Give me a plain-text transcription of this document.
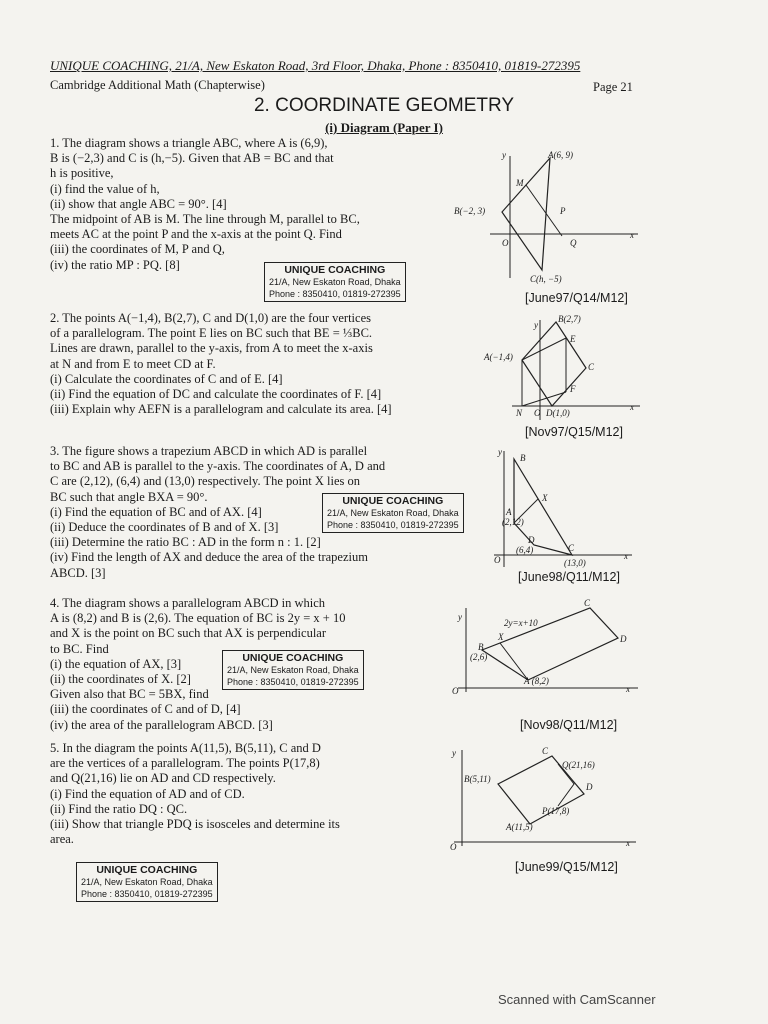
UNIQUE COACHING, 21/A, New Eskaton Road, 3rd Floor, Dhaka, Phone : 8350410, 01819-272395
Cambridge Additional Math (Chapterwise)	Page 21
2. COORDINATE GEOMETRY
(i) Diagram (Paper I)
1. The diagram shows a triangle ABC, where A is (6,9),
B is (−2,3) and C is (h,−5). Given that AB = BC and that
h is positive,
(i) find the value of h,
(ii) show that angle ABC = 90°. [4]
The midpoint of AB is M. The line through M, parallel to BC,
meets AC at the point P and the x-axis at the point Q. Find
(iii) the coordinates of M, P and Q,
(iv) the ratio MP : PQ. [8]	UNIQUE COACHING
21/A, New Eskaton Road, Dhaka
Phone : 8350410, 01819-272395
y	A(6, 9)
M
B(−2, 3)	P
O	Q
x
C(h, −5)
[June97/Q14/M12]
2. The points A(−1,4), B(2,7), C and D(1,0) are the four vertices
of a parallelogram. The point E lies on BC such that BE = ⅓BC.
Lines are drawn, parallel to the y-axis, from A to meet the x-axis
at N and from E to meet CD at F.
(i) Calculate the coordinates of C and of E. [4]
(ii) Find the equation of DC and calculate the coordinates of F. [4]
(iii) Explain why AEFN is a parallelogram and calculate its area. [4]
y
B(2,7)
E
A(−1,4)
C
F
N O D(1,0)
x
[Nov97/Q15/M12]
3. The figure shows a trapezium ABCD in which AD is parallel
to BC and AB is parallel to the y-axis. The coordinates of A, D and
C are (2,12), (6,4) and (13,0) respectively. The point X lies on
BC such that angle BXA = 90°.
(i) Find the equation of BC and of AX. [4]
(ii) Deduce the coordinates of B and of X. [3]
(iii) Determine the ratio BC : AD in the form n : 1. [2]
(iv) Find the length of AX and deduce the area of the trapezium
ABCD. [3]
UNIQUE COACHING
21/A, New Eskaton Road, Dhaka
Phone : 8350410, 01819-272395
y
B
X
A
(2,12)
D
(6,4)
O
C
(13,0)
x
[June98/Q11/M12]
4. The diagram shows a parallelogram ABCD in which
A is (8,2) and B is (2,6). The equation of BC is 2y = x + 10
and X is the point on BC such that AX is perpendicular
to BC. Find
(i) the equation of AX, [3]
(ii) the coordinates of X. [2]
Given also that BC = 5BX, find
(iii) the coordinates of C and of D, [4]
(iv) the area of the parallelogram ABCD. [3]
UNIQUE COACHING
21/A, New Eskaton Road, Dhaka
Phone : 8350410, 01819-272395
y
C
2y=x+10
X
B
(2,6)
D
O
A (8,2)
x
[Nov98/Q11/M12]
5. In the diagram the points A(11,5), B(5,11), C and D
are the vertices of a parallelogram. The points P(17,8)
and Q(21,16) lie on AD and CD respectively.
(i) Find the equation of AD and of CD.
(ii) Find the ratio DQ : QC.
(iii) Show that triangle PDQ is isosceles and determine its
area.
UNIQUE COACHING
21/A, New Eskaton Road, Dhaka
Phone : 8350410, 01819-272395
y	C
Q(21,16)
B(5,11)
D
P(17,8)
A(11,5)
O	x
[June99/Q15/M12]
Scanned with CamScanner
